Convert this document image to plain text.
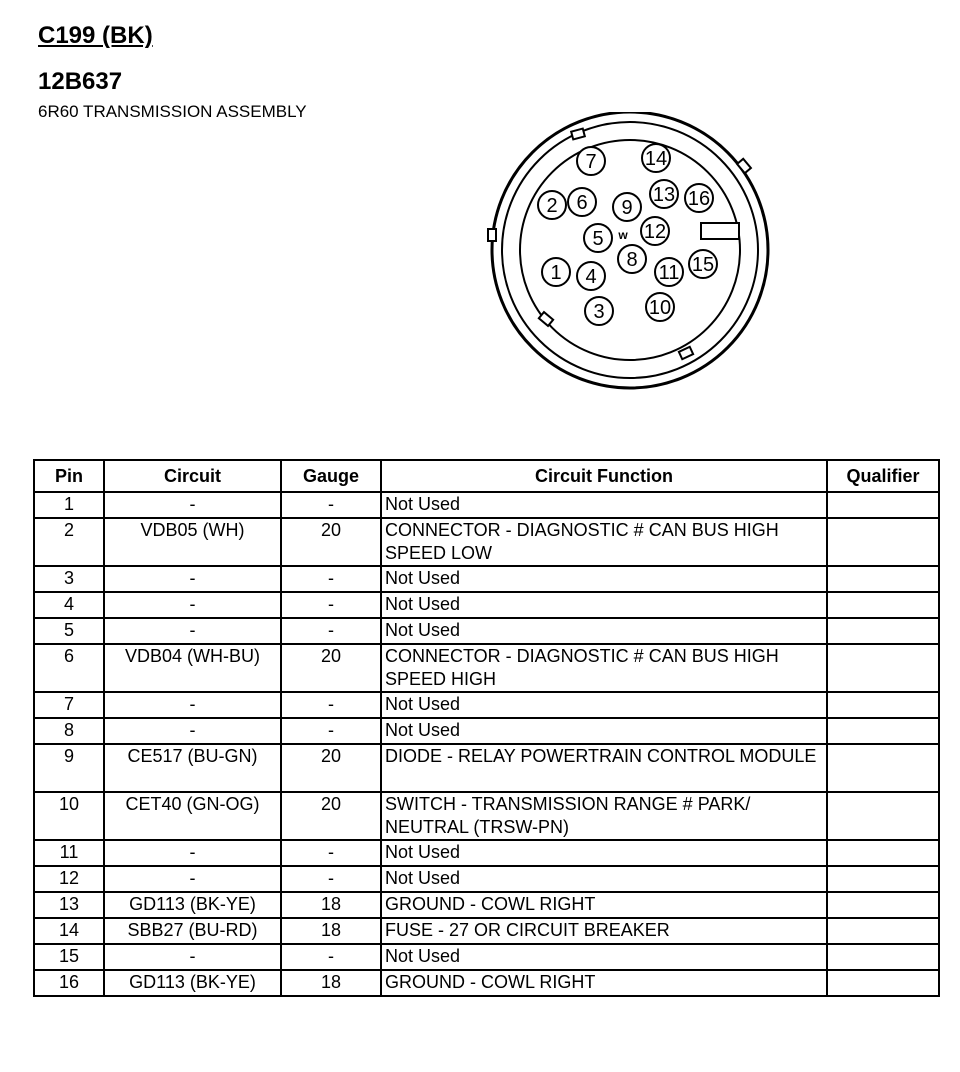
C199 (BK)
12B637
6R60 TRANSMISSION ASSEMBLY
1
2
3
4
5
6
7
8
9
10
11
12
13
14
15
16
w
Pin	Circuit	Gauge	Circuit Function	Qualifier
1	-	-	Not Used	
2	VDB05 (WH)	20	CONNECTOR - DIAGNOSTIC # CAN BUS HIGH SPEED LOW	
3	-	-	Not Used	
4	-	-	Not Used	
5	-	-	Not Used	
6	VDB04 (WH-BU)	20	CONNECTOR - DIAGNOSTIC # CAN BUS HIGH SPEED HIGH	
7	-	-	Not Used	
8	-	-	Not Used	
9	CE517 (BU-GN)	20	DIODE - RELAY POWERTRAIN CONTROL MODULE	
10	CET40 (GN-OG)	20	SWITCH - TRANSMISSION RANGE # PARK/ NEUTRAL (TRSW-PN)	
11	-	-	Not Used	
12	-	-	Not Used	
13	GD113 (BK-YE)	18	GROUND - COWL RIGHT	
14	SBB27 (BU-RD)	18	FUSE - 27 OR CIRCUIT BREAKER	
15	-	-	Not Used	
16	GD113 (BK-YE)	18	GROUND - COWL RIGHT	
